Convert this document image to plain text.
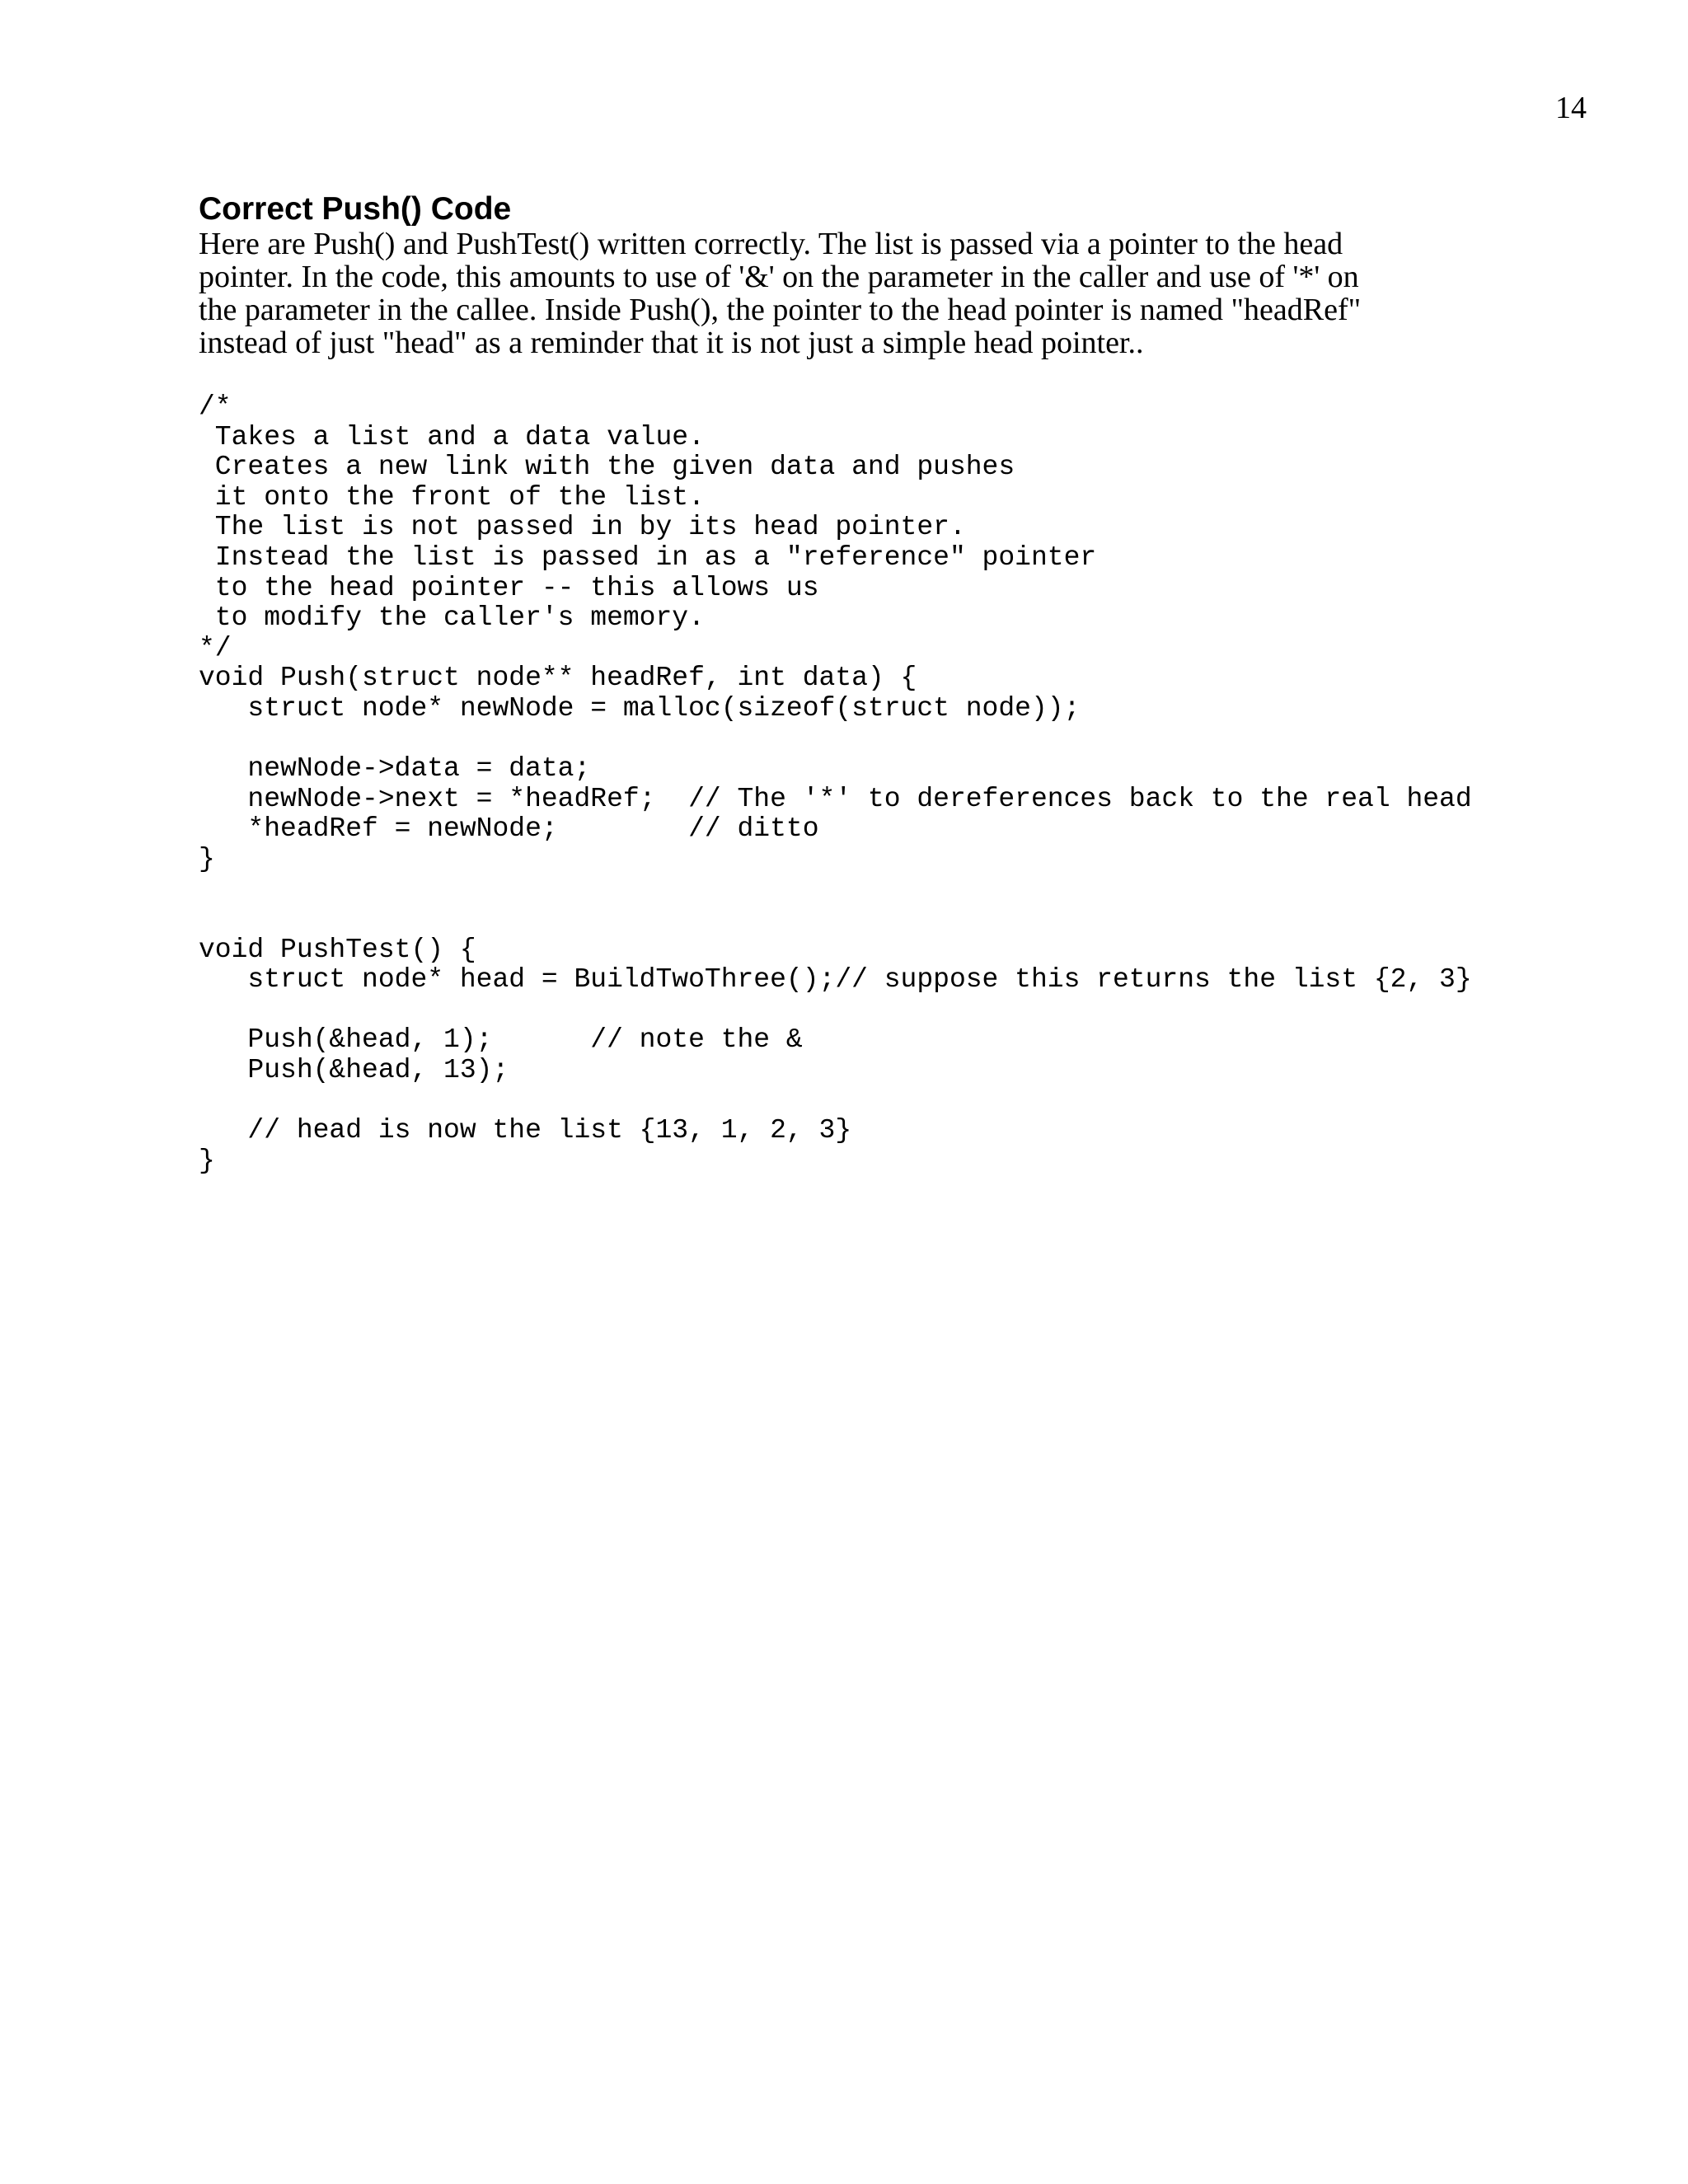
14
Correct Push() Code

Here are Push() and PushTest() written correctly. The list is passed via a pointer to the head pointer. In the code, this amounts to use of '&' on the parameter in the caller and use of '*' on the parameter in the callee. Inside Push(), the pointer to the head pointer is named "headRef" instead of just "head" as a reminder that it is not just a simple head pointer..

/*
Takes a list and a data value.
Creates a new link with the given data and pushes
it onto the front of the list.
The list is not passed in by its head pointer.
Instead the list is passed in as a "reference" pointer
to the head pointer -- this allows us
to modify the caller's memory.
*/
void Push(struct node** headRef, int data) {
struct node* newNode = malloc(sizeof(struct node));
newNode->data = data;
newNode->next = *headRef;  // The '*' to dereferences back to the real head
*headRef = newNode;        // ditto
}
void PushTest() {
struct node* head = BuildTwoThree();// suppose this returns the list {2, 3}
Push(&head, 1);      // note the &
Push(&head, 13);
// head is now the list {13, 1, 2, 3}
}
